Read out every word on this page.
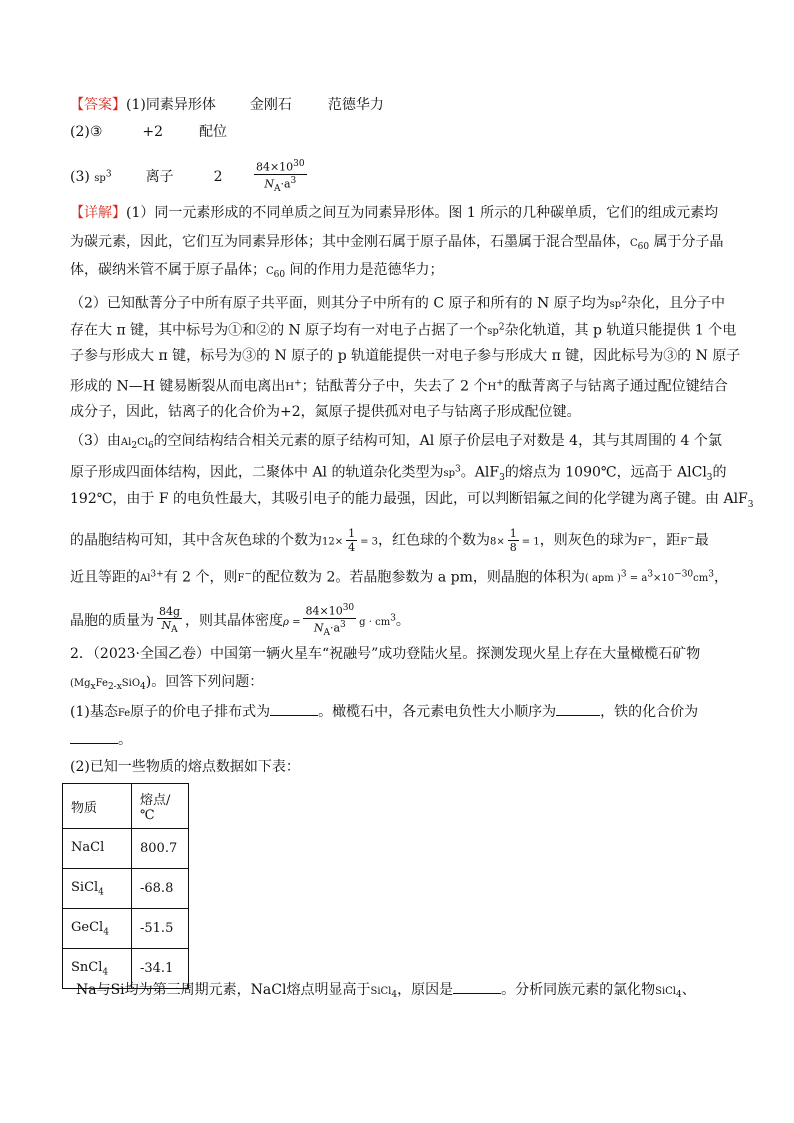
【答案】(1)同素异形体 金刚石	范德华力
(2)③	+2	配位
(3) $sp^3$ 离子	2	$\frac{84\times 10^{30}}{N_A\cdot a^3}$
【详解】(1）同一元素形成的不同单质之间互为同素异形体。图 1 所示的几种碳单质，它们的组成元素均
为碳元素，因此，它们互为同素异形体；其中金刚石属于原子晶体，石墨属于混合型晶体，$C_{60}$ 属于分子晶
体，碳纳米管不属于原子晶体；$C_{60}$ 间的作用力是范德华力；
（2）已知酞菁分子中所有原子共平面，则其分子中所有的 C 原子和所有的 N 原子均为$sp^2$杂化，且分子中
存在大 π 键，其中标号为①和②的 N 原子均有一对电子占据了一个$sp^2$杂化轨道，其 p 轨道只能提供 1 个电
子参与形成大 π 键，标号为③的 N 原子的 p 轨道能提供一对电子参与形成大 π 键，因此标号为③的 N 原子
形成的 N—H 键易断裂从而电离出H+；钴酞菁分子中，失去了 2 个H+的酞菁离子与钴离子通过配位键结合
成分子，因此，钴离子的化合价为+2，氮原子提供孤对电子与钴离子形成配位键。
（3）由$Al_2Cl_6$的空间结构结合相关元素的原子结构可知，Al 原子价层电子对数是 4，其与其周围的 4 个氯
原子形成四面体结构，因此，二聚体中 Al 的轨道杂化类型为$sp^3$。AlF$_3$的熔点为 1090℃，远高于 AlCl$_3$的
192℃，由于 F 的电负性最大，其吸引电子的能力最强，因此，可以判断铝氟之间的化学键为离子键。由 AlF$_3$
的晶胞结构可知，其中含灰色球的个数为$12\times \frac{1}{4} = 3$，红色球的个数为$8\times \frac{1}{8} = 1$，则灰色的球为F−，距F−最
近且等距的$Al^{3+}$有 2 个，则F−的配位数为 2。若晶胞参数为 a pm，则晶胞的体积为( apm )$^3 = a^3\times 10^{-30}cm^3$，
晶胞的质量为 $\frac{84g}{N_A}$ ，则其晶体密度$\rho = \frac{84\times 10^{30}}{N_A\cdot a^3}$ $g \cdot cm^3$。
2．（2023·全国乙卷）中国第一辆火星车“祝融号”成功登陆火星。探测发现火星上存在大量橄榄石矿物
$(Mg_xFe_{2-x}SiO_4)$。回答下列问题：
(1)基态Fe原子的价电子排布式为	。橄榄石中，各元素电负性大小顺序为	，铁的化合价为
。
(2)已知一些物质的熔点数据如下表：
物质	熔点/℃
NaCl	800.7
SiCl$_4$	-68.8
GeCl$_4$	-51.5
SnCl$_4$	-34.1
Na与Si均为第三周期元素，NaCl熔点明显高于SiCl$_4$，原因是	。分析同族元素的氯化物SiCl$_4$、
